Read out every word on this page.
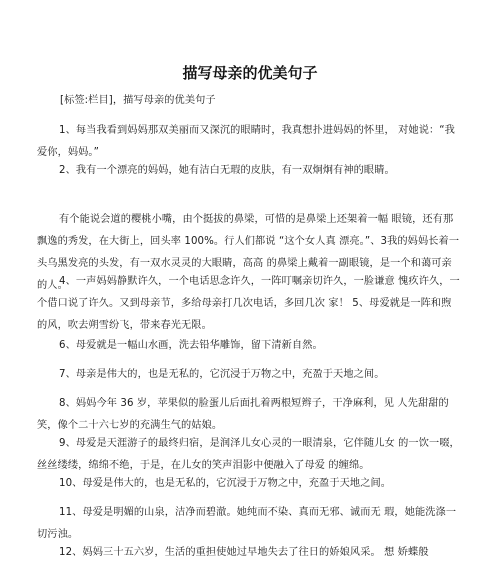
描写母亲的优美句子

[标签:栏目]，描写母亲的优美句子

1、每当我看到妈妈那双美丽而又深沉的眼睛时，我真想扑进妈妈的怀里， 对她说：“我爱你，妈妈。”

2、我有一个漂亮的妈妈，她有洁白无瑕的皮肤，有一双炯炯有神的眼睛。

有个能说会道的樱桃小嘴，由个挺拔的鼻梁，可惜的是鼻梁上还架着一幅 眼镜，还有那飘逸的秀发，在大街上，回头率 100%。行人们都说 “这个女人真 漂亮。”、3我的妈妈长着一头乌黑发亮的头发，有一双水灵灵的大眼睛，高高 的鼻梁上戴着一副眼镜，是一个和蔼可亲的人。

4、一声妈妈静默许久，一个电话思念许久，一阵叮嘱亲切许久，一脸谦意 愧疚许久，一个借口说了许久。又到母亲节，多给母亲打几次电话，多回几次 家！ 5、母爱就是一阵和煦的风，吹去朔雪纷飞，带来春光无限。

6、母爱就是一幅山水画，洗去铅华雕饰，留下清新自然。

7、母亲是伟大的，也是无私的，它沉浸于万物之中，充盈于天地之间。

8、妈妈今年 36 岁，苹果似的脸蛋儿后面扎着两根短辫子，干净麻利，见 人先甜甜的笑，像个二十六七岁的充满生气的姑娘。

9、母爱是天涯游子的最终归宿，是润泽儿女心灵的一眼清泉，它伴随儿女 的一饮一啜，丝丝缕缕，绵绵不绝，于是，在儿女的笑声泪影中便融入了母爱 的缠绵。

10、母爱是伟大的，也是无私的，它沉浸于万物之中，充盈于天地之间。

11、母爱是明媚的山泉，洁净而碧澈。她纯而不染、真而无邪、诚而无 瑕，她能洗涤一切污浊。

12、妈妈三十五六岁，生活的重担使她过早地失去了往日的娇娘风采。 想 娇蝶般
